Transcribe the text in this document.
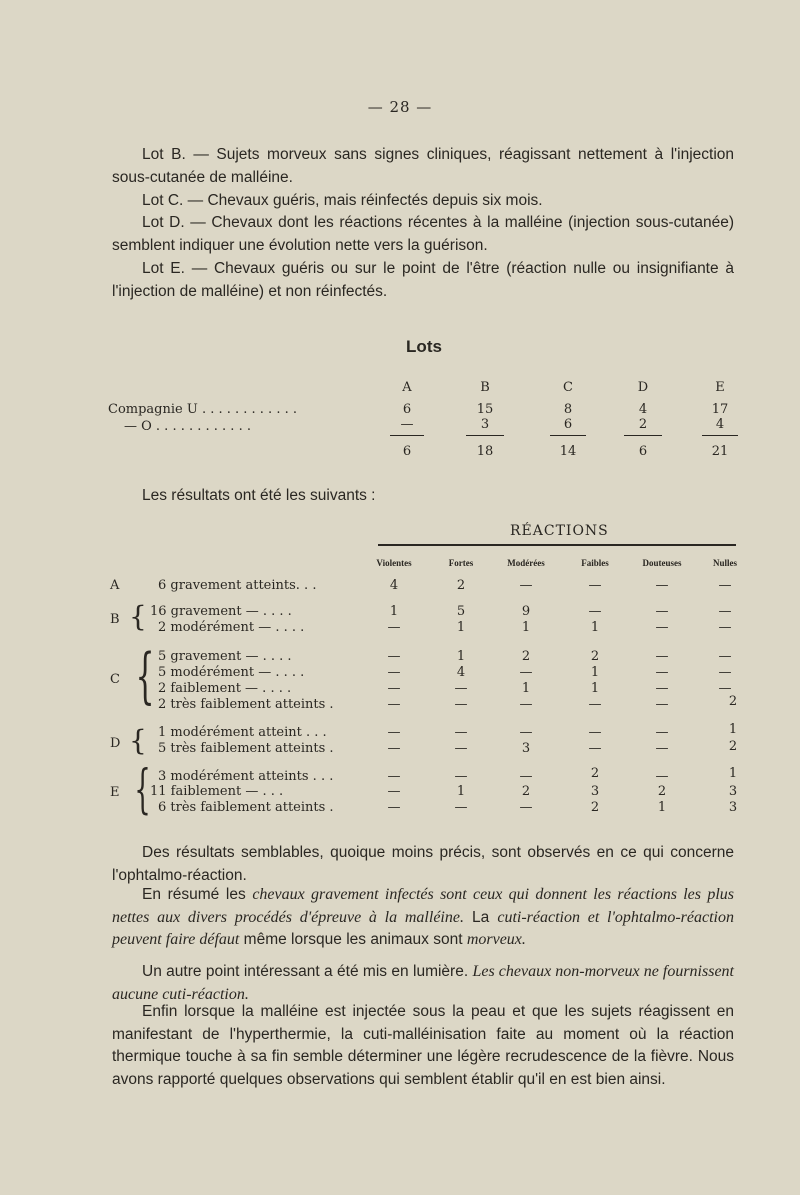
— 28 —

Lot B. — Sujets morveux sans signes cliniques, réagissant nettement à l'injection sous-cutanée de malléine.

Lot C. — Chevaux guéris, mais réinfectés depuis six mois.

Lot D. — Chevaux dont les réactions récentes à la malléine (injection sous-cutanée) semblent indiquer une évolution nette vers la guérison.

Lot E. — Chevaux guéris ou sur le point de l'être (réaction nulle ou insignifiante à l'injection de malléine) et non réinfectés.

Lots
A	B	C	D	E
Compagnie U . . . . . . . . . . . .	6	15	8	4	17
— O . . . . . . . . . . . .	—	3	6	2	4
6	18	14	6	21

Les résultats ont été les suivants :

RÉACTIONS
Violentes	Fortes	Modérées	Faibles	Douteuses	Nulles
A	6 gravement atteints. . .	4	2	—	—	—	—
B { 16 gravement — . . . .	1	5	9	—	—	—
2 modérément — . . . .	—	1	1	1	—	—
C { 5 gravement — . . . .	—	1	2	2	—	—
5 modérément — . . . .	—	4	—	1	—	—
2 faiblement — . . . .	—	—	1	1	—	—
2 très faiblement atteints .	—	—	—	—	—	2
D { 1 modérément atteint . . .	—	—	—	—	—	1
5 très faiblement atteints .	—	—	3	—	—	2
E { 3 modérément atteints . . .	—	—	—	2	—	1
11 faiblement — . . .	—	1	2	3	2	3
6 très faiblement atteints .	—	—	—	2	1	3

Des résultats semblables, quoique moins précis, sont observés en ce qui concerne l'ophtalmo-réaction.

En résumé les chevaux gravement infectés sont ceux qui donnent les réactions les plus nettes aux divers procédés d'épreuve à la malléine. La cuti-réaction et l'ophtalmo-réaction peuvent faire défaut même lorsque les animaux sont morveux.

Un autre point intéressant a été mis en lumière. Les chevaux non-morveux ne fournissent aucune cuti-réaction.

Enfin lorsque la malléine est injectée sous la peau et que les sujets réagissent en manifestant de l'hyperthermie, la cuti-malléinisation faite au moment où la réaction thermique touche à sa fin semble déterminer une légère recrudescence de la fièvre. Nous avons rapporté quelques observations qui semblent établir qu'il en est bien ainsi.
